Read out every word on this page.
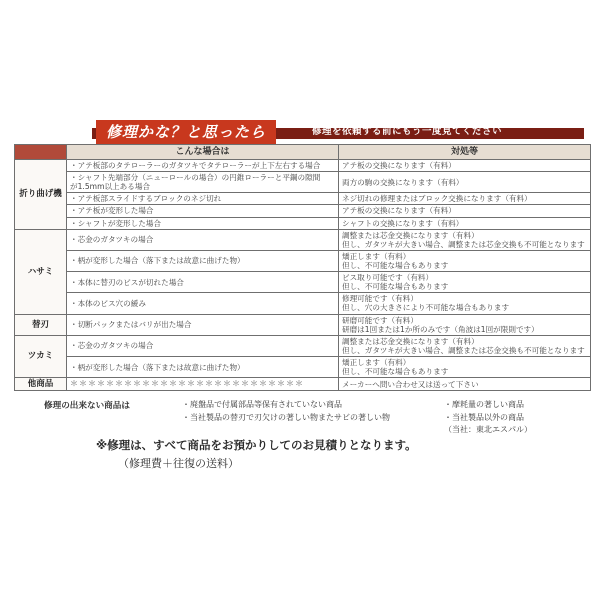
修理かな？と思ったら	修理を依頼する前にもう一度見てください
	こんな場合は	対処等
折り曲げ機	・アテ板部のタテローラーのガタツキでタテローラーが上下左右する場合	アテ板の交換になります（有料）

	・シャフト先端部分（ニューロールの場合）の円錐ローラーと平鋼の隙間
が1.5mm以上ある場合	両方の駒の交換になります（有料）

	・アテ板部スライドするブロックのネジ切れ	ネジ切れの修理またはブロック交換になります（有料）

	・アテ板が変形した場合	アテ板の交換になります（有料）

	・シャフトが変形した場合	シャフトの交換になります（有料）

ハサミ	・芯金のガタツキの場合	調整または芯金交換になります（有料）
但し、ガタツキが大きい場合、調整または芯金交換も不可能となります

	・柄が変形した場合（落下または故意に曲げた物）	矯正します（有料）
但し、不可能な場合もあります

	・本体に替刃のビスが切れた場合	ビス取り可能です（有料）
但し、不可能な場合もあります

	・本体のビス穴の緩み	修理可能です（有料）
但し、穴の大きさにより不可能な場合もあります

替刃	・切断パックまたはバリが出た場合	研磨可能です（有料）
研磨は1回または1か所のみです（角波は1回が限則です）

ツカミ	・芯金のガタツキの場合	調整または芯金交換になります（有料）
但し、ガタツキが大きい場合、調整または芯金交換も不可能となります

	・柄が変形した場合（落下または故意に曲げた物）	矯正します（有料）
但し、不可能な場合もあります

他商品	＊＊＊＊＊＊＊＊＊＊＊＊＊＊＊＊＊＊＊＊＊＊＊＊＊＊	メーカーへ問い合わせ又は送って下さい
修理の出来ない商品は	・廃盤品で付属部品等保有されていない商品
・当社製品の替刃で刃欠けの著しい物またサビの著しい物
・摩耗量の著しい商品
・当社製品以外の商品
（当社：東北エスパル）
※修理は、すべて商品をお預かりしてのお見積りとなります。
（修理費＋往復の送料）
